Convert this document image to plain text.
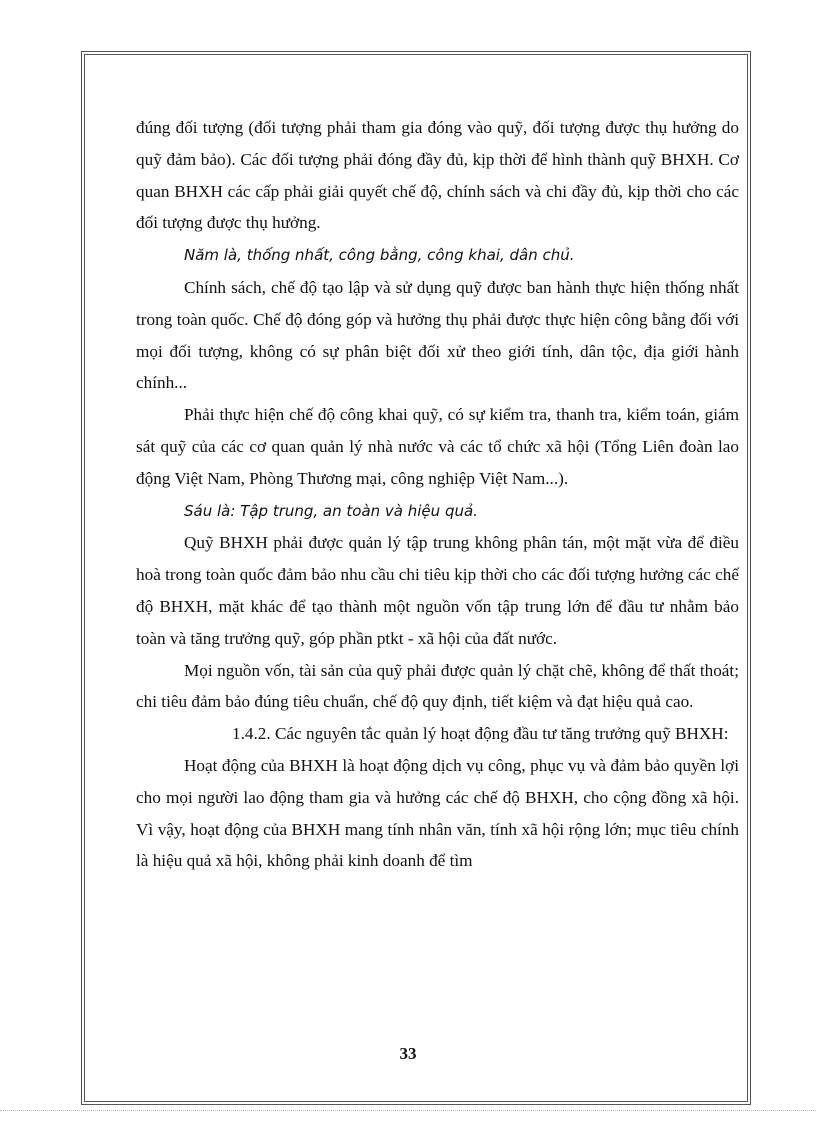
đúng đối tượng (đối tượng phải tham gia đóng vào quỹ, đối tượng được thụ hưởng do quỹ đảm bảo). Các đối tượng phải đóng đầy đủ, kịp thời để hình thành quỹ BHXH. Cơ quan BHXH các cấp phải giải quyết chế độ, chính sách và chi đầy đủ, kịp thời cho các đối tượng được thụ hưởng.

Năm là, thống nhất, công bằng, công khai, dân chủ.

Chính sách, chế độ tạo lập và sử dụng quỹ được ban hành thực hiện thống nhất trong toàn quốc. Chế độ đóng góp và hưởng thụ phải được thực hiện công bằng đối với mọi đối tượng, không có sự phân biệt đối xử theo giới tính, dân tộc, địa giới hành chính...

Phải thực hiện chế độ công khai quỹ, có sự kiểm tra, thanh tra, kiểm toán, giám sát quỹ của các cơ quan quản lý nhà nước và các tổ chức xã hội (Tổng Liên đoàn lao động Việt Nam, Phòng Thương mại, công nghiệp Việt Nam...).

Sáu là: Tập trung, an toàn và hiệu quả.

Quỹ BHXH phải được quản lý tập trung không phân tán, một mặt vừa để điều hoà trong toàn quốc đảm bảo nhu cầu chi tiêu kịp thời cho các đối tượng hưởng các chế độ BHXH, mặt khác để tạo thành một nguồn vốn tập trung lớn để đầu tư nhằm bảo toàn và tăng trưởng quỹ, góp phần ptkt - xã hội của đất nước.

Mọi nguồn vốn, tài sản của quỹ phải được quản lý chặt chẽ, không để thất thoát; chi tiêu đảm bảo đúng tiêu chuẩn, chế độ quy định, tiết kiệm và đạt hiệu quả cao.

1.4.2. Các nguyên tắc quản lý hoạt động đầu tư tăng trưởng quỹ BHXH:

Hoạt động của BHXH là hoạt động dịch vụ công, phục vụ và đảm bảo quyền lợi cho mọi người lao động tham gia và hưởng các chế độ BHXH, cho cộng đồng xã hội. Vì vậy, hoạt động của BHXH mang tính nhân văn, tính xã hội rộng lớn; mục tiêu chính là hiệu quả xã hội, không phải kinh doanh để tìm

33
